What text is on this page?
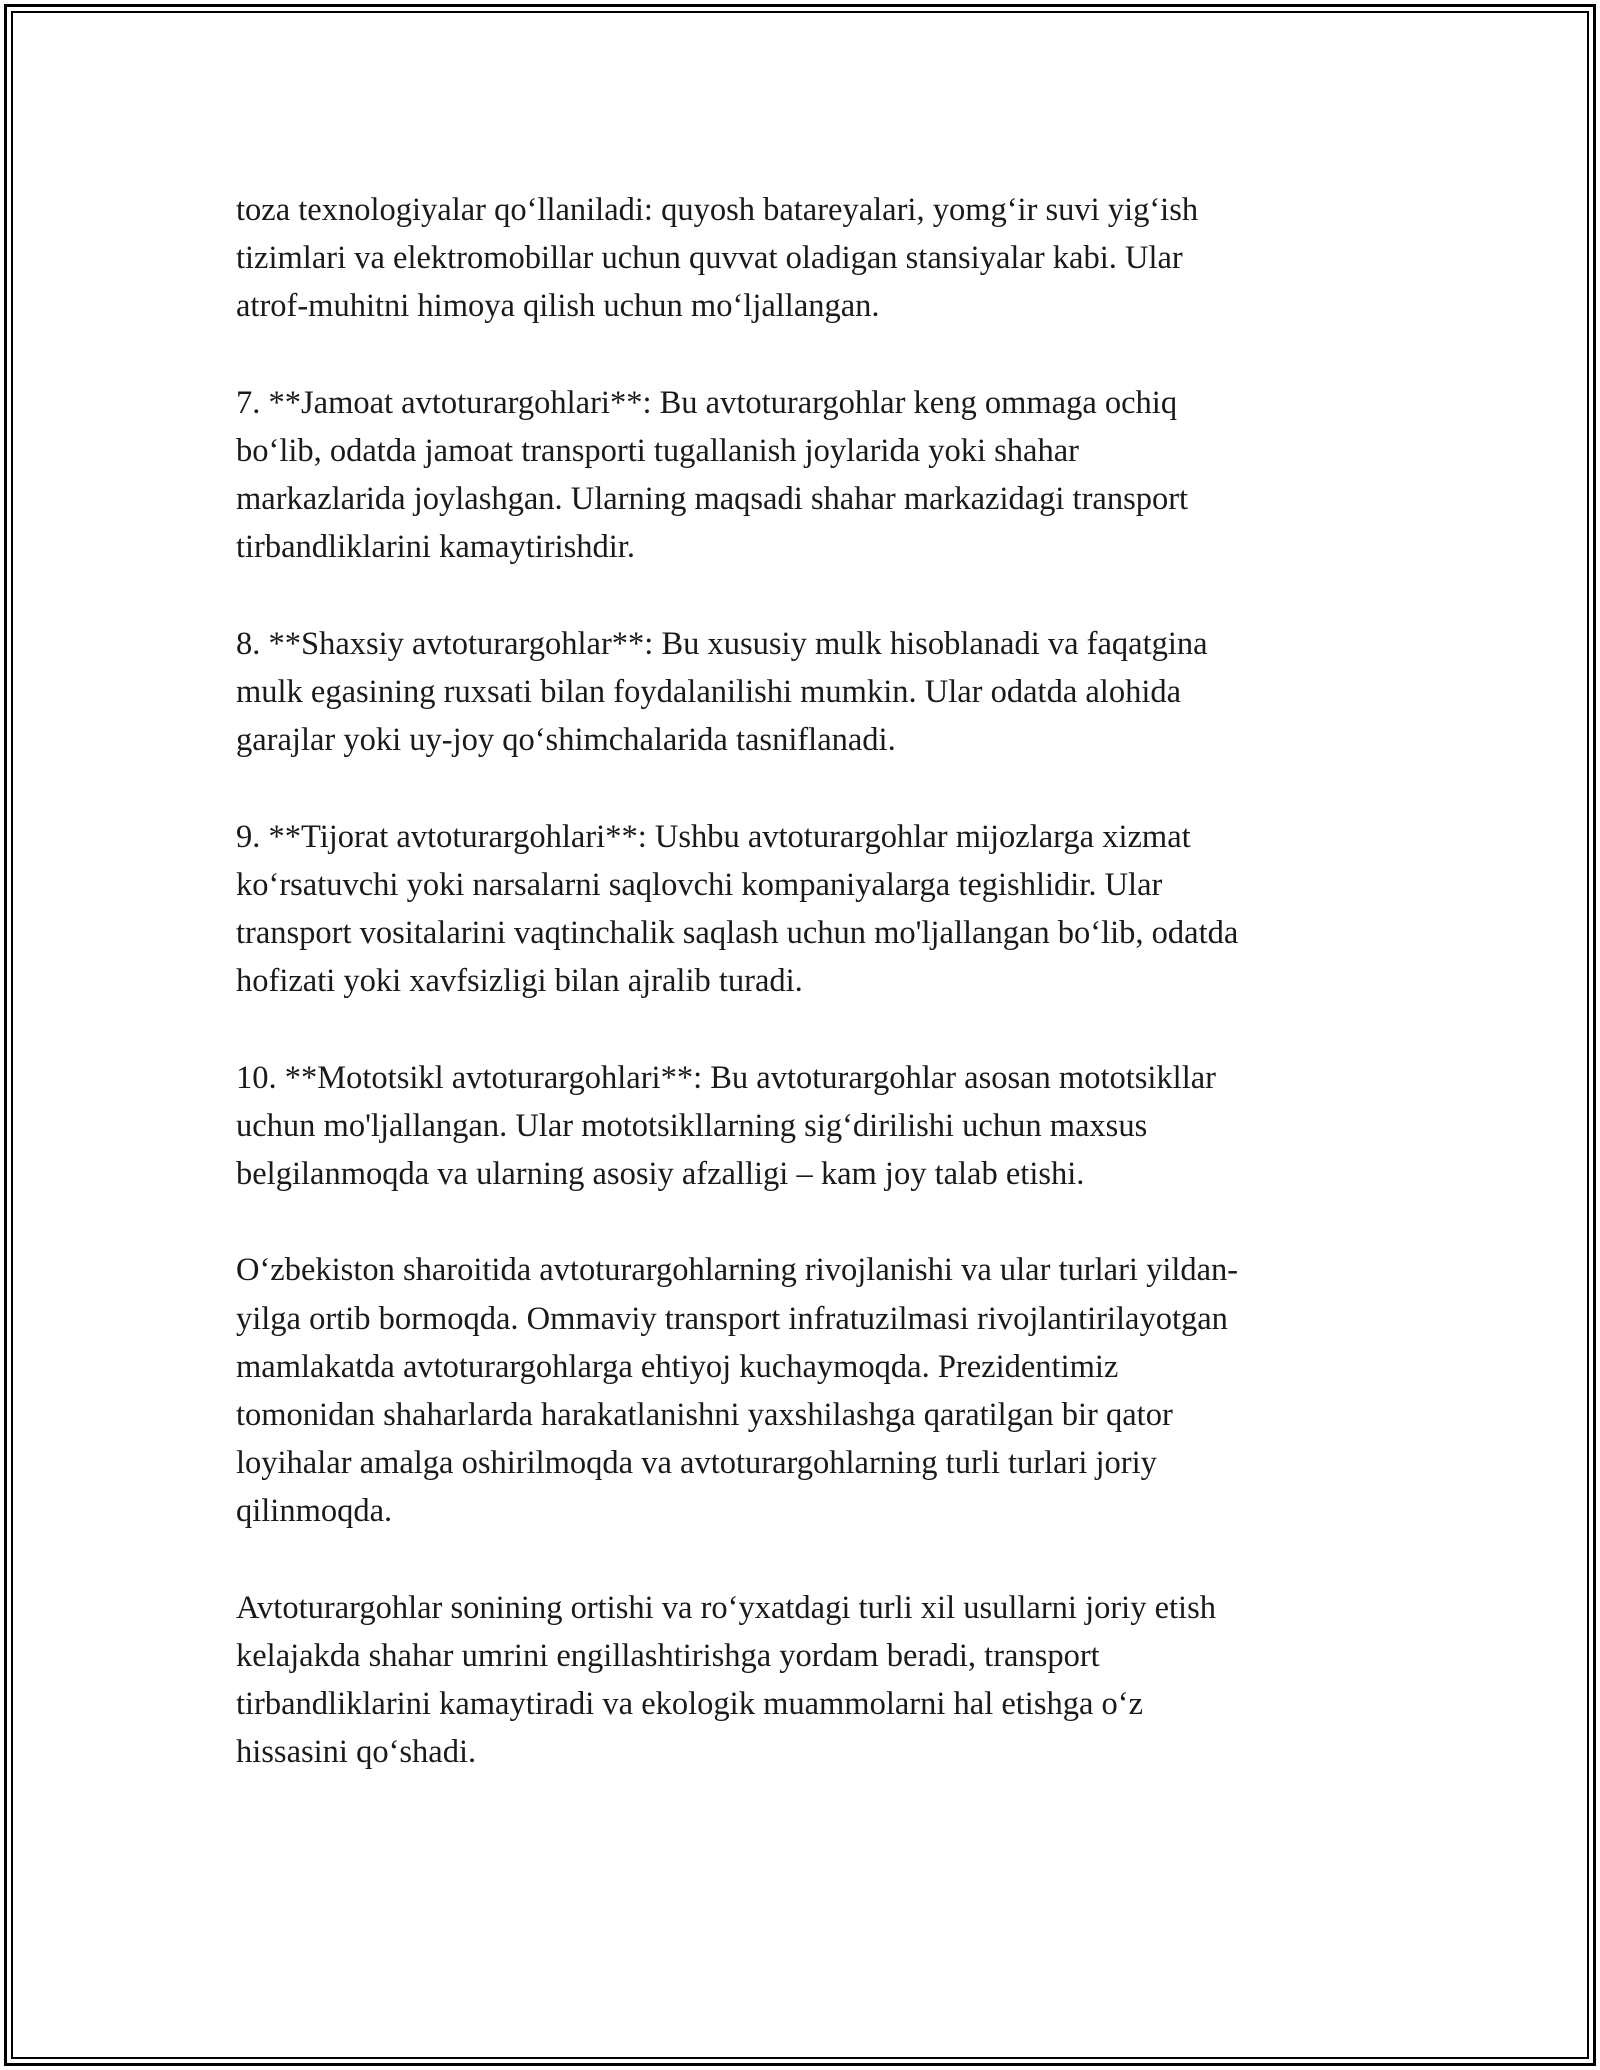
toza texnologiyalar qo‘llaniladi: quyosh batareyalari, yomg‘ir suvi yig‘ish
tizimlari va elektromobillar uchun quvvat oladigan stansiyalar kabi. Ular
atrof-muhitni himoya qilish uchun mo‘ljallangan.

7. **Jamoat avtoturargohlari**: Bu avtoturargohlar keng ommaga ochiq
bo‘lib, odatda jamoat transporti tugallanish joylarida yoki shahar
markazlarida joylashgan. Ularning maqsadi shahar markazidagi transport
tirbandliklarini kamaytirishdir.

8. **Shaxsiy avtoturargohlar**: Bu xususiy mulk hisoblanadi va faqatgina
mulk egasining ruxsati bilan foydalanilishi mumkin. Ular odatda alohida
garajlar yoki uy-joy qo‘shimchalarida tasniflanadi.

9. **Tijorat avtoturargohlari**: Ushbu avtoturargohlar mijozlarga xizmat
ko‘rsatuvchi yoki narsalarni saqlovchi kompaniyalarga tegishlidir. Ular
transport vositalarini vaqtinchalik saqlash uchun mo'ljallangan bo‘lib, odatda
hofizati yoki xavfsizligi bilan ajralib turadi.

10. **Mototsikl avtoturargohlari**: Bu avtoturargohlar asosan mototsikllar
uchun mo'ljallangan. Ular mototsikllarning sig‘dirilishi uchun maxsus
belgilanmoqda va ularning asosiy afzalligi – kam joy talab etishi.

O‘zbekiston sharoitida avtoturargohlarning rivojlanishi va ular turlari yildan-
yilga ortib bormoqda. Ommaviy transport infratuzilmasi rivojlantirilayotgan
mamlakatda avtoturargohlarga ehtiyoj kuchaymoqda. Prezidentimiz
tomonidan shaharlarda harakatlanishni yaxshilashga qaratilgan bir qator
loyihalar amalga oshirilmoqda va avtoturargohlarning turli turlari joriy
qilinmoqda.

Avtoturargohlar sonining ortishi va ro‘yxatdagi turli xil usullarni joriy etish
kelajakda shahar umrini engillashtirishga yordam beradi, transport
tirbandliklarini kamaytiradi va ekologik muammolarni hal etishga o‘z
hissasini qo‘shadi.
